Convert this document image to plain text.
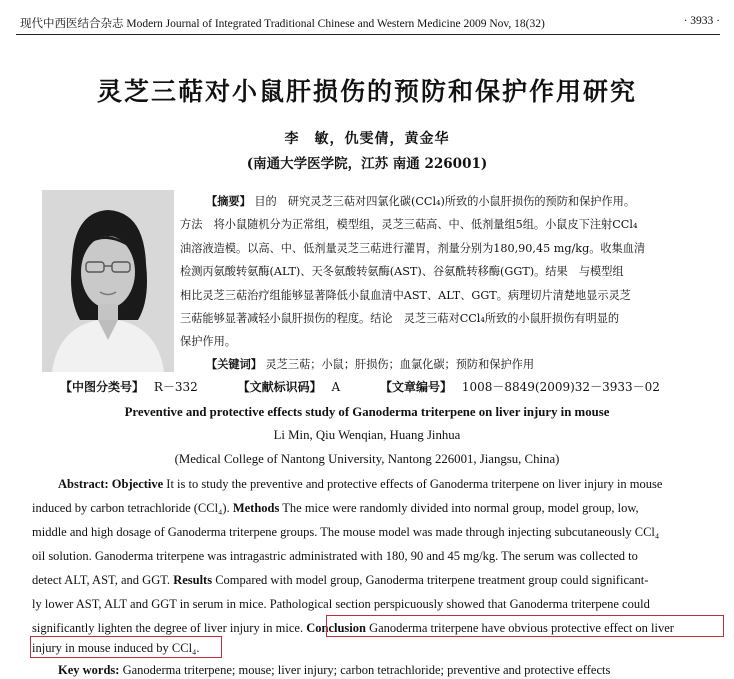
现代中西医结合杂志 Modern Journal of Integrated Traditional Chinese and Western Medicine 2009 Nov, 18(32)	· 3933 ·
灵芝三萜对小鼠肝损伤的预防和保护作用研究
李　敏，仇雯倩，黄金华
(南通大学医学院，江苏 南通 226001)
【摘要】 目的　研究灵芝三萜对四氯化碳(CCl₄)所致的小鼠肝损伤的预防和保护作用。
方法　将小鼠随机分为正常组，模型组，灵芝三萜高、中、低剂量组5组。小鼠皮下注射CCl₄
油溶液造模。以高、中、低剂量灵芝三萜进行灌胃，剂量分别为180,90,45 mg/kg。收集血清
检测丙氨酸转氨酶(ALT)、天冬氨酸转氨酶(AST)、谷氨酰转移酶(GGT)。结果　与模型组
相比灵芝三萜治疗组能够显著降低小鼠血清中AST、ALT、GGT。病理切片清楚地显示灵芝
三萜能够显著减轻小鼠肝损伤的程度。结论　灵芝三萜对CCl₄所致的小鼠肝损伤有明显的
保护作用。
【关键词】 灵芝三萜；小鼠；肝损伤；血氯化碳；预防和保护作用
【中图分类号】 R－332	【文献标识码】 A	【文章编号】 1008－8849(2009)32－3933－02
Preventive and protective effects study of Ganoderma triterpene on liver injury in mouse
Li Min, Qiu Wenqian, Huang Jinhua
(Medical College of Nantong University, Nantong 226001, Jiangsu, China)
Abstract: Objective It is to study the preventive and protective effects of Ganoderma triterpene on liver injury in mouse
induced by carbon tetrachloride (CCl₄). Methods The mice were randomly divided into normal group, model group, low,
middle and high dosage of Ganoderma triterpene groups. The mouse model was made through injecting subcutaneously CCl₄
oil solution. Ganoderma triterpene was intragastric administrated with 180, 90 and 45 mg/kg. The serum was collected to
detect ALT, AST, and GGT. Results Compared with model group, Ganoderma triterpene treatment group could significant-
ly lower AST, ALT and GGT in serum in mice. Pathological section perspicuously showed that Ganoderma triterpene could
significantly lighten the degree of liver injury in mice. Conclusion Ganoderma triterpene have obvious protective effect on liver
injury in mouse induced by CCl₄.
Key words: Ganoderma triterpene; mouse; liver injury; carbon tetrachloride; preventive and protective effects
